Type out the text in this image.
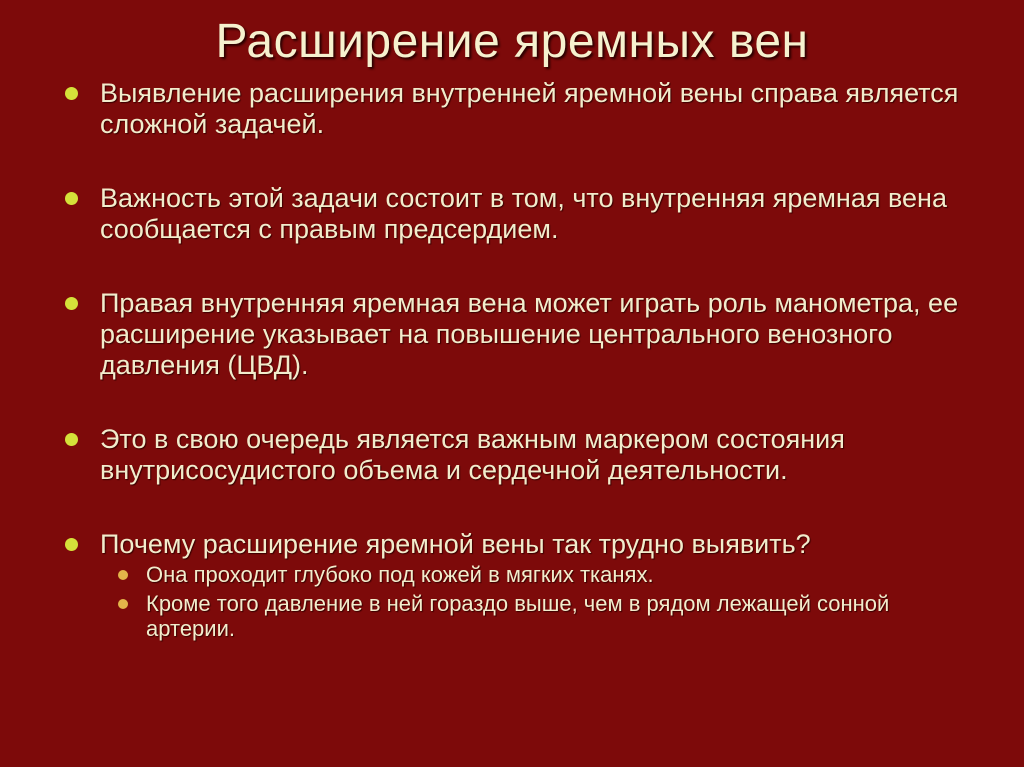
Расширение яремных вен
Выявление расширения внутренней яремной вены справа является сложной задачей.
Важность этой задачи состоит в том, что внутренняя яремная вена сообщается с правым предсердием.
Правая внутренняя яремная вена может играть роль манометра, ее расширение указывает на повышение центрального венозного давления (ЦВД).
Это в свою очередь является важным маркером состояния внутрисосудистого объема и сердечной деятельности.
Почему расширение яремной вены так трудно выявить?
Она проходит глубоко под кожей в мягких тканях.
Кроме того давление в ней гораздо выше, чем в рядом лежащей сонной артерии.
